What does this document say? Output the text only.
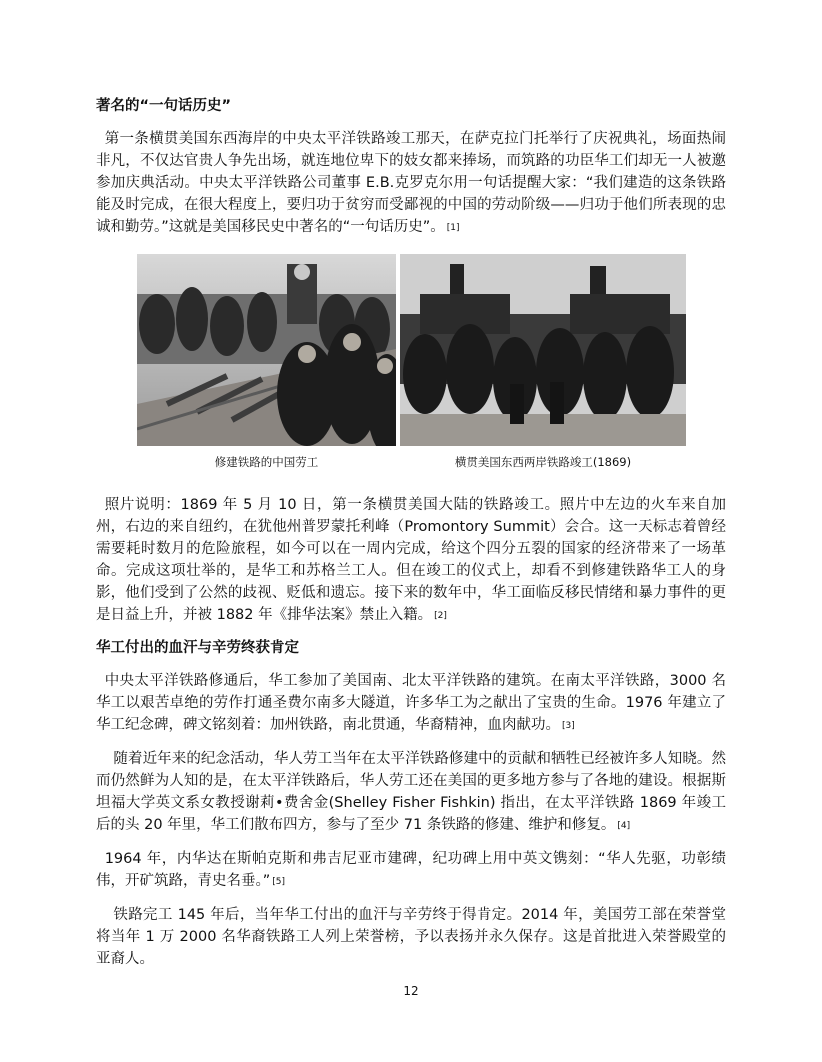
著名的“一句话历史”

第一条横贯美国东西海岸的中央太平洋铁路竣工那天，在萨克拉门托举行了庆祝典礼，场面热闹非凡，不仅达官贵人争先出场，就连地位卑下的妓女都来捧场，而筑路的功臣华工们却无一人被邀参加庆典活动。中央太平洋铁路公司董事 E.B.克罗克尔用一句话提醒大家：“我们建造的这条铁路能及时完成，在很大程度上，要归功于贫穷而受鄙视的中国的劳动阶级——归功于他们所表现的忠诚和勤劳。”这就是美国移民史中著名的“一句话历史”。 [1]

修建铁路的中国劳工	横贯美国东西两岸铁路竣工(1869)

照片说明：1869 年 5 月 10 日，第一条横贯美国大陆的铁路竣工。照片中左边的火车来自加州，右边的来自纽约，在犹他州普罗蒙托利峰（Promontory Summit）会合。这一天标志着曾经需要耗时数月的危险旅程，如今可以在一周内完成，给这个四分五裂的国家的经济带来了一场革命。完成这项壮举的，是华工和苏格兰工人。但在竣工的仪式上，却看不到修建铁路华工人的身影，他们受到了公然的歧视、贬低和遗忘。接下来的数年中，华工面临反移民情绪和暴力事件的更是日益上升，并被 1882 年《排华法案》禁止入籍。 [2]

华工付出的血汗与辛劳终获肯定

中央太平洋铁路修通后，华工参加了美国南、北太平洋铁路的建筑。在南太平洋铁路，3000 名华工以艰苦卓绝的劳作打通圣费尔南多大隧道，许多华工为之献出了宝贵的生命。1976 年建立了华工纪念碑，碑文铭刻着：加州铁路，南北贯通，华裔精神，血肉献功。 [3]

随着近年来的纪念活动，华人劳工当年在太平洋铁路修建中的贡献和牺牲已经被许多人知晓。然而仍然鲜为人知的是，在太平洋铁路后，华人劳工还在美国的更多地方参与了各地的建设。根据斯坦福大学英文系女教授谢莉•费舍金(Shelley Fisher Fishkin) 指出，在太平洋铁路 1869 年竣工后的头 20 年里，华工们散布四方，参与了至少 71 条铁路的修建、维护和修复。 [4]

1964 年，内华达在斯帕克斯和弗吉尼亚市建碑，纪功碑上用中英文镌刻：“华人先驱，功彰绩伟，开矿筑路，青史名垂。” [5]

铁路完工 145 年后，当年华工付出的血汗与辛劳终于得肯定。2014 年，美国劳工部在荣誉堂将当年 1 万 2000 名华裔铁路工人列上荣誉榜，予以表扬并永久保存。这是首批进入荣誉殿堂的亚裔人。

12
